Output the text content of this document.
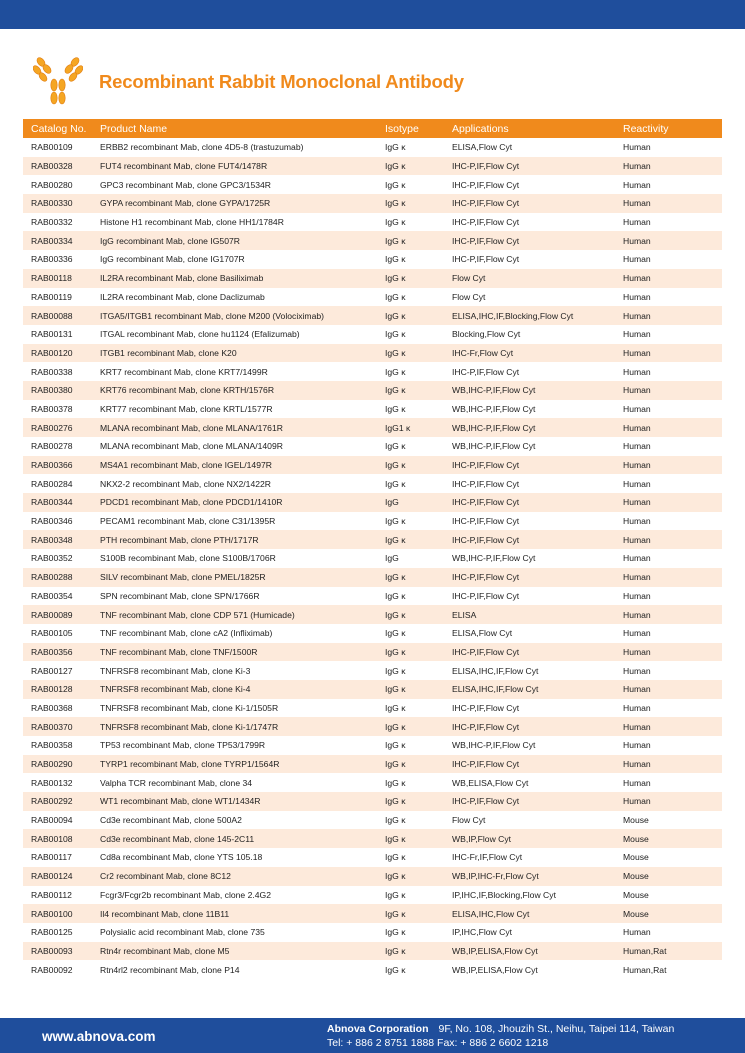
Recombinant Rabbit Monoclonal Antibody
Catalog No.	Product Name	Isotype	Applications	Reactivity
RAB00109	ERBB2 recombinant Mab, clone 4D5-8 (trastuzumab)	IgG κ	ELISA,Flow Cyt	Human
RAB00328	FUT4 recombinant Mab, clone FUT4/1478R	IgG κ	IHC-P,IF,Flow Cyt	Human
RAB00280	GPC3 recombinant Mab, clone GPC3/1534R	IgG κ	IHC-P,IF,Flow Cyt	Human
RAB00330	GYPA recombinant Mab, clone GYPA/1725R	IgG κ	IHC-P,IF,Flow Cyt	Human
RAB00332	Histone H1 recombinant Mab, clone HH1/1784R	IgG κ	IHC-P,IF,Flow Cyt	Human
RAB00334	IgG recombinant Mab, clone IG507R	IgG κ	IHC-P,IF,Flow Cyt	Human
RAB00336	IgG recombinant Mab, clone IG1707R	IgG κ	IHC-P,IF,Flow Cyt	Human
RAB00118	IL2RA recombinant Mab, clone Basiliximab	IgG κ	Flow Cyt	Human
RAB00119	IL2RA recombinant Mab, clone Daclizumab	IgG κ	Flow Cyt	Human
RAB00088	ITGA5/ITGB1 recombinant Mab, clone M200 (Volociximab)	IgG κ	ELISA,IHC,IF,Blocking,Flow Cyt	Human
RAB00131	ITGAL recombinant Mab, clone hu1124 (Efalizumab)	IgG κ	Blocking,Flow Cyt	Human
RAB00120	ITGB1 recombinant Mab, clone K20	IgG κ	IHC-Fr,Flow Cyt	Human
RAB00338	KRT7 recombinant Mab, clone KRT7/1499R	IgG κ	IHC-P,IF,Flow Cyt	Human
RAB00380	KRT76 recombinant Mab, clone KRTH/1576R	IgG κ	WB,IHC-P,IF,Flow Cyt	Human
RAB00378	KRT77 recombinant Mab, clone KRTL/1577R	IgG κ	WB,IHC-P,IF,Flow Cyt	Human
RAB00276	MLANA recombinant Mab, clone MLANA/1761R	IgG1 κ	WB,IHC-P,IF,Flow Cyt	Human
RAB00278	MLANA recombinant Mab, clone MLANA/1409R	IgG κ	WB,IHC-P,IF,Flow Cyt	Human
RAB00366	MS4A1 recombinant Mab, clone IGEL/1497R	IgG κ	IHC-P,IF,Flow Cyt	Human
RAB00284	NKX2-2 recombinant Mab, clone NX2/1422R	IgG κ	IHC-P,IF,Flow Cyt	Human
RAB00344	PDCD1 recombinant Mab, clone PDCD1/1410R	IgG	IHC-P,IF,Flow Cyt	Human
RAB00346	PECAM1 recombinant Mab, clone C31/1395R	IgG κ	IHC-P,IF,Flow Cyt	Human
RAB00348	PTH recombinant Mab, clone PTH/1717R	IgG κ	IHC-P,IF,Flow Cyt	Human
RAB00352	S100B recombinant Mab, clone S100B/1706R	IgG	WB,IHC-P,IF,Flow Cyt	Human
RAB00288	SILV recombinant Mab, clone PMEL/1825R	IgG κ	IHC-P,IF,Flow Cyt	Human
RAB00354	SPN recombinant Mab, clone SPN/1766R	IgG κ	IHC-P,IF,Flow Cyt	Human
RAB00089	TNF recombinant Mab, clone CDP 571 (Humicade)	IgG κ	ELISA	Human
RAB00105	TNF recombinant Mab, clone cA2 (Infliximab)	IgG κ	ELISA,Flow Cyt	Human
RAB00356	TNF recombinant Mab, clone TNF/1500R	IgG κ	IHC-P,IF,Flow Cyt	Human
RAB00127	TNFRSF8 recombinant Mab, clone Ki-3	IgG κ	ELISA,IHC,IF,Flow Cyt	Human
RAB00128	TNFRSF8 recombinant Mab, clone Ki-4	IgG κ	ELISA,IHC,IF,Flow Cyt	Human
RAB00368	TNFRSF8 recombinant Mab, clone Ki-1/1505R	IgG κ	IHC-P,IF,Flow Cyt	Human
RAB00370	TNFRSF8 recombinant Mab, clone Ki-1/1747R	IgG κ	IHC-P,IF,Flow Cyt	Human
RAB00358	TP53 recombinant Mab, clone TP53/1799R	IgG κ	WB,IHC-P,IF,Flow Cyt	Human
RAB00290	TYRP1 recombinant Mab, clone TYRP1/1564R	IgG κ	IHC-P,IF,Flow Cyt	Human
RAB00132	Valpha TCR recombinant Mab, clone 34	IgG κ	WB,ELISA,Flow Cyt	Human
RAB00292	WT1 recombinant Mab, clone WT1/1434R	IgG κ	IHC-P,IF,Flow Cyt	Human
RAB00094	Cd3e recombinant Mab, clone 500A2	IgG κ	Flow Cyt	Mouse
RAB00108	Cd3e recombinant Mab, clone 145-2C11	IgG κ	WB,IP,Flow Cyt	Mouse
RAB00117	Cd8a recombinant Mab, clone YTS 105.18	IgG κ	IHC-Fr,IF,Flow Cyt	Mouse
RAB00124	Cr2 recombinant Mab, clone 8C12	IgG κ	WB,IP,IHC-Fr,Flow Cyt	Mouse
RAB00112	Fcgr3/Fcgr2b recombinant Mab, clone 2.4G2	IgG κ	IP,IHC,IF,Blocking,Flow Cyt	Mouse
RAB00100	Il4 recombinant Mab, clone 11B11	IgG κ	ELISA,IHC,Flow Cyt	Mouse
RAB00125	Polysialic acid recombinant Mab, clone 735	IgG κ	IP,IHC,Flow Cyt	Human
RAB00093	Rtn4r recombinant Mab, clone M5	IgG κ	WB,IP,ELISA,Flow Cyt	Human,Rat
RAB00092	Rtn4rl2 recombinant Mab, clone P14	IgG κ	WB,IP,ELISA,Flow Cyt	Human,Rat
www.abnova.com	Abnova Corporation 9F, No. 108, Jhouzih St., Neihu, Taipei 114, Taiwan
Tel: + 886 2 8751 1888 Fax: + 886 2 6602 1218
